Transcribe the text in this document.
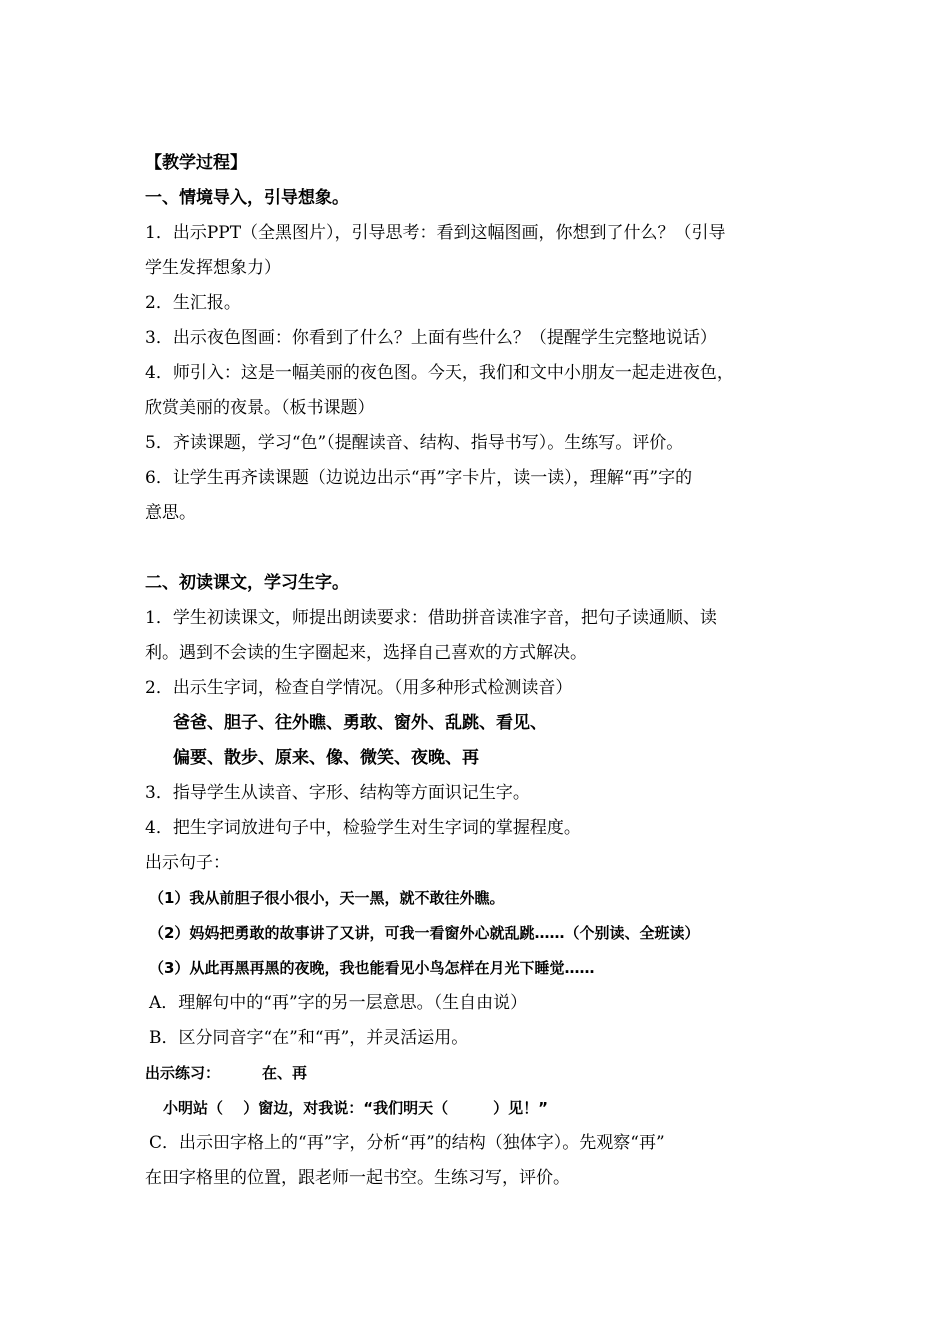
【教学过程】
一、情境导入，引导想象。
1．出示PPT（全黑图片），引导思考：看到这幅图画，你想到了什么？（引导
学生发挥想象力）
2．生汇报。
3．出示夜色图画：你看到了什么？上面有些什么？（提醒学生完整地说话）
4．师引入：这是一幅美丽的夜色图。今天，我们和文中小朋友一起走进夜色，
欣赏美丽的夜景。（板书课题）
5．齐读课题，学习“色”（提醒读音、结构、指导书写）。生练写。评价。
6．让学生再齐读课题（边说边出示“再”字卡片，读一读），理解“再”字的
意思。
二、初读课文，学习生字。
1．学生初读课文，师提出朗读要求：借助拼音读准字音，把句子读通顺、读
利。遇到不会读的生字圈起来，选择自己喜欢的方式解决。
2．出示生字词，检查自学情况。（用多种形式检测读音）
爸爸、胆子、往外瞧、勇敢、窗外、乱跳、看见、
偏要、散步、原来、像、微笑、夜晚、再
3．指导学生从读音、字形、结构等方面识记生字。
4．把生字词放进句子中，检验学生对生字词的掌握程度。
出示句子：
（1）我从前胆子很小很小，天一黑，就不敢往外瞧。
（2）妈妈把勇敢的故事讲了又讲，可我一看窗外心就乱跳……（个别读、全班读）
（3）从此再黑再黑的夜晚，我也能看见小鸟怎样在月光下睡觉……
A．理解句中的“再”字的另一层意思。（生自由说）
B．区分同音字“在”和“再”，并灵活运用。
出示练习：	在、再
小明站（　 ）窗边，对我说：“我们明天（　　　）见！”
C．出示田字格上的“再”字，分析“再”的结构（独体字）。先观察“再”
在田字格里的位置，跟老师一起书空。生练习写，评价。
